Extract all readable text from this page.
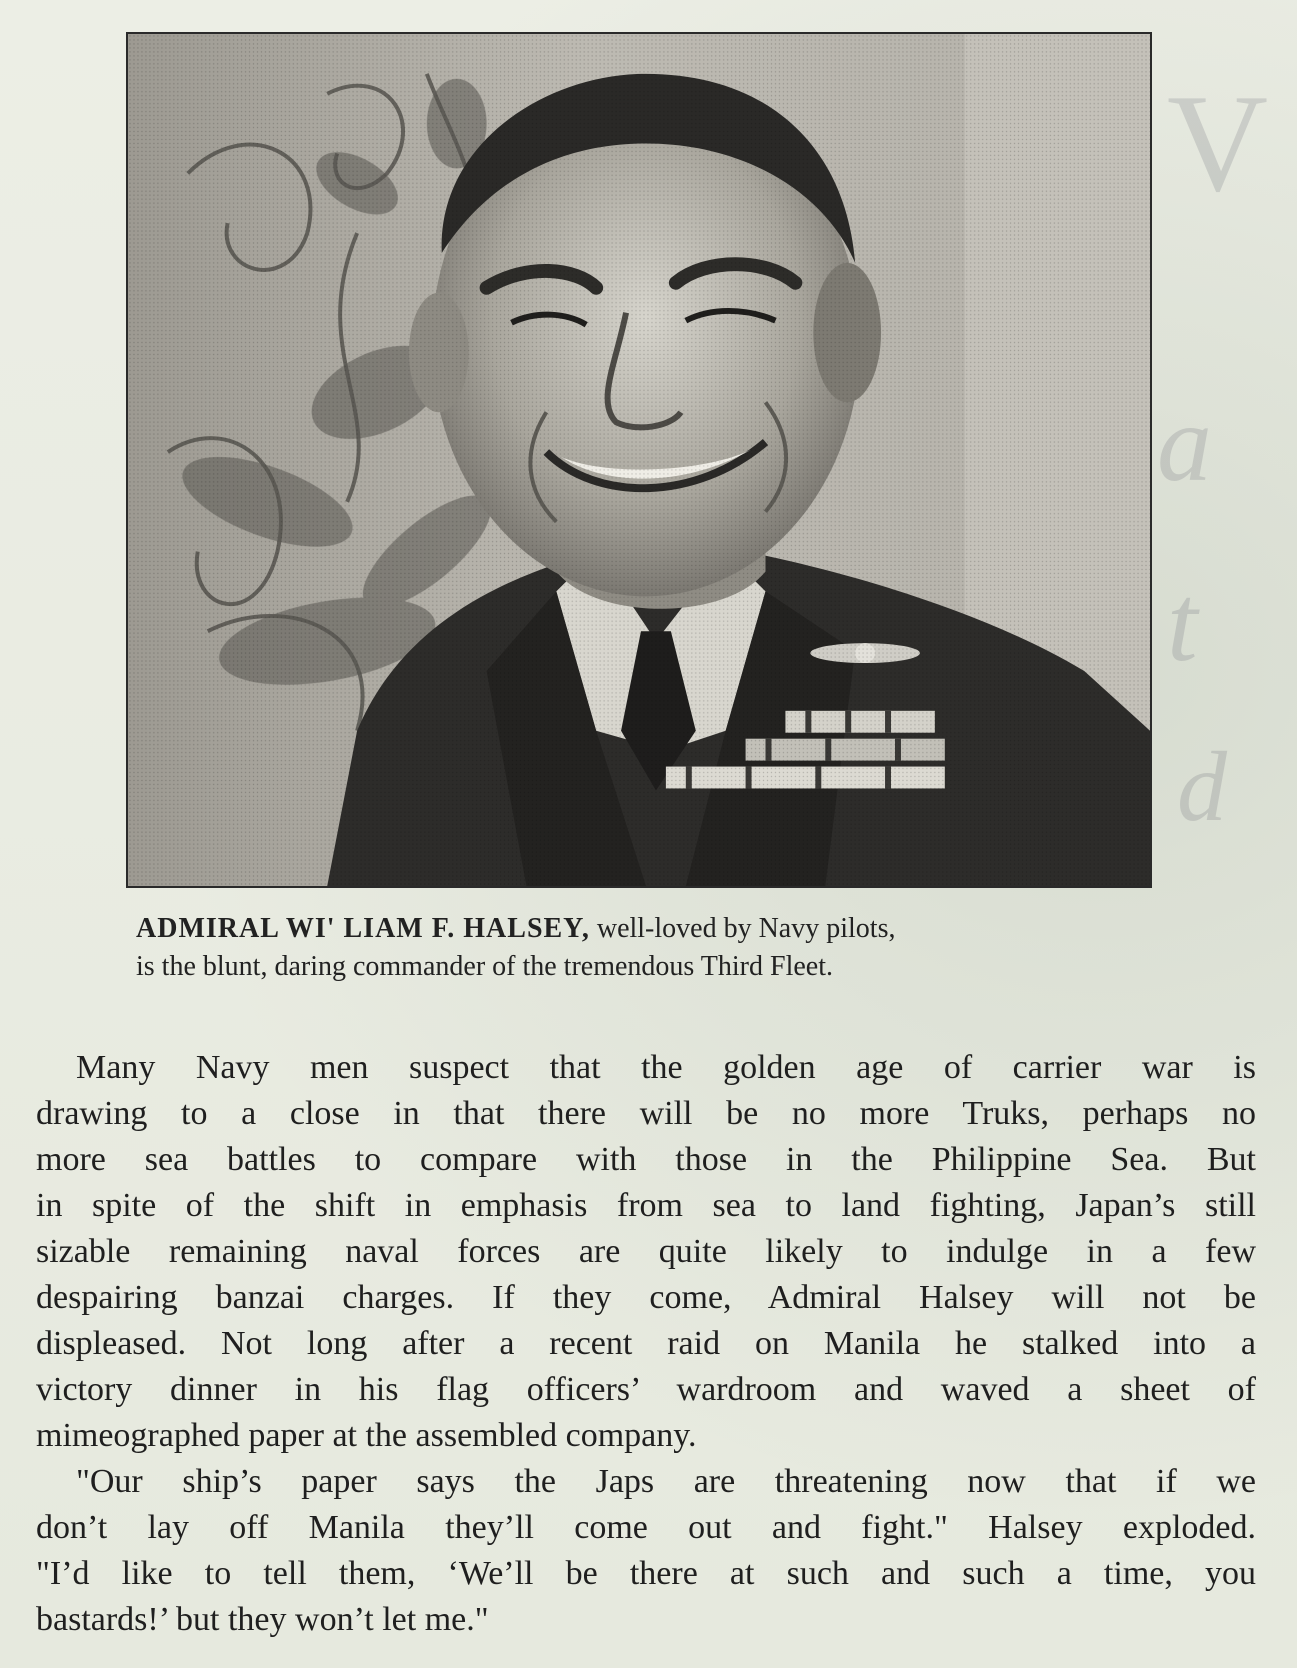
V
a
t
d
ADMIRAL WI' LIAM F. HALSEY, well-loved by Navy pilots,
is the blunt, daring commander of the tremendous Third Fleet.
Many Navy men suspect that the golden age of carrier war is
drawing to a close in that there will be no more Truks, perhaps no
more sea battles to compare with those in the Philippine Sea. But
in spite of the shift in emphasis from sea to land fighting, Japan’s still
sizable remaining naval forces are quite likely to indulge in a few
despairing banzai charges. If they come, Admiral Halsey will not be
displeased. Not long after a recent raid on Manila he stalked into a
victory dinner in his flag officers’ wardroom and waved a sheet of
mimeographed paper at the assembled company.
"Our ship’s paper says the Japs are threatening now that if we
don’t lay off Manila they’ll come out and fight." Halsey exploded.
"I’d like to tell them, ‘We’ll be there at such and such a time, you
bastards!’ but they won’t let me."
